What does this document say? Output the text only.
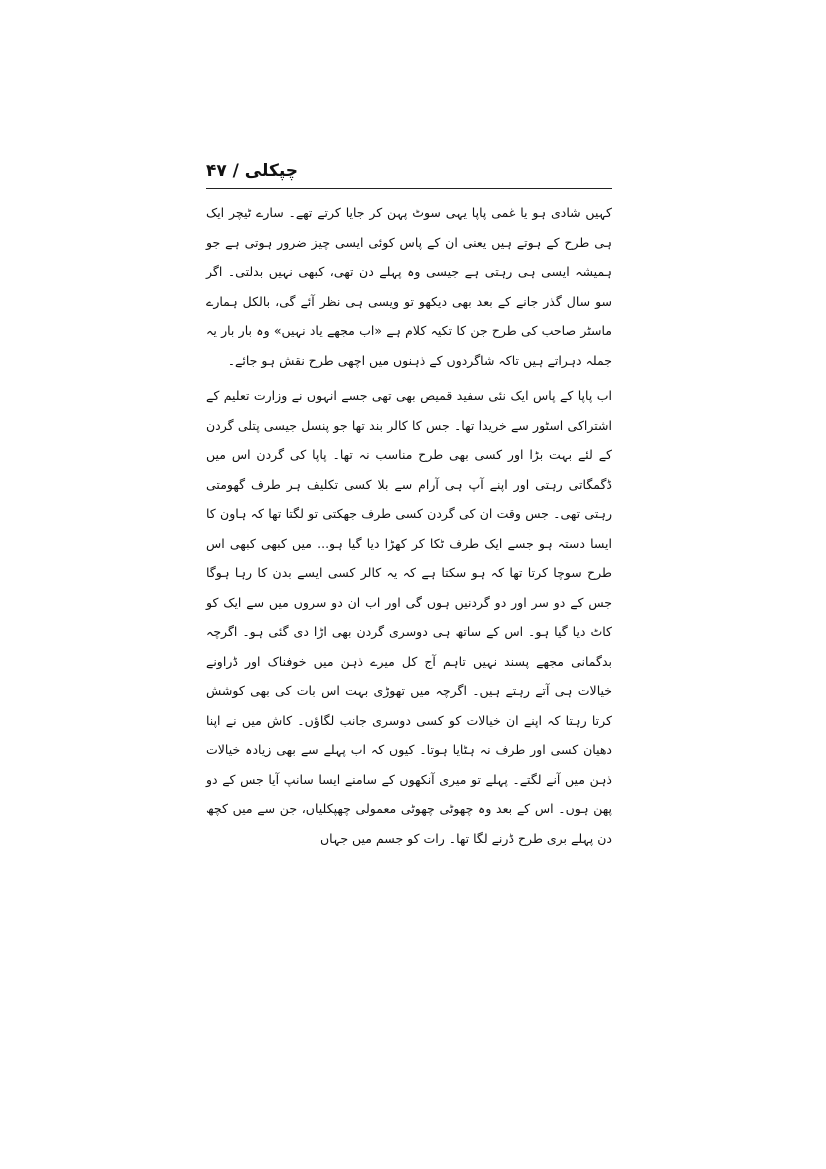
چپکلی / ۴۷

کہیں شادی ہو یا غمی پاپا یہی سوٹ پہن کر جایا کرتے تھے۔ سارے ٹیچر ایک ہی طرح کے ہوتے ہیں یعنی ان کے پاس کوئی ایسی چیز ضرور ہوتی ہے جو ہمیشہ ایسی ہی رہتی ہے جیسی وہ پہلے دن تھی، کبھی نہیں بدلتی۔ اگر سو سال گذر جانے کے بعد بھی دیکھو تو ویسی ہی نظر آئے گی، بالکل ہمارے ماسٹر صاحب کی طرح جن کا تکیہ کلام ہے «اب مجھے یاد نہیں» وہ بار بار یہ جملہ دہراتے ہیں تاکہ شاگردوں کے ذہنوں میں اچھی طرح نقش ہو جائے۔

اب پاپا کے پاس ایک نئی سفید قمیص بھی تھی جسے انہوں نے وزارت تعلیم کے اشتراکی اسٹور سے خریدا تھا۔ جس کا کالر بند تھا جو پنسل جیسی پتلی گردن کے لئے بہت بڑا اور کسی بھی طرح مناسب نہ تھا۔ پاپا کی گردن اس میں ڈگمگاتی رہتی اور اپنے آپ ہی آرام سے بلا کسی تکلیف ہر طرف گھومتی رہتی تھی۔ جس وقت ان کی گردن کسی طرف جھکتی تو لگتا تھا کہ ہاون کا ایسا دستہ ہو جسے ایک طرف ٹکا کر کھڑا دیا گیا ہو... میں کبھی کبھی اس طرح سوچا کرتا تھا کہ ہو سکتا ہے کہ یہ کالر کسی ایسے بدن کا رہا ہوگا جس کے دو سر اور دو گردنیں ہوں گی اور اب ان دو سروں میں سے ایک کو کاٹ دیا گیا ہو۔ اس کے ساتھ ہی دوسری گردن بھی اڑا دی گئی ہو۔ اگرچہ بدگمانی مجھے پسند نہیں تاہم آج کل میرے ذہن میں خوفناک اور ڈراونے خیالات ہی آتے رہتے ہیں۔ اگرچہ میں تھوڑی بہت اس بات کی بھی کوشش کرتا رہتا کہ اپنے ان خیالات کو کسی دوسری جانب لگاؤں۔ کاش میں نے اپنا دھیان کسی اور طرف نہ ہٹایا ہوتا۔ کیوں کہ اب پہلے سے بھی زیادہ خیالات ذہن میں آنے لگتے۔ پہلے تو میری آنکھوں کے سامنے ایسا سانپ آیا جس کے دو پھن ہوں۔ اس کے بعد وہ چھوٹی چھوٹی معمولی چھپکلیاں، جن سے میں کچھ دن پہلے بری طرح ڈرنے لگا تھا۔ رات کو جسم میں جہاں
